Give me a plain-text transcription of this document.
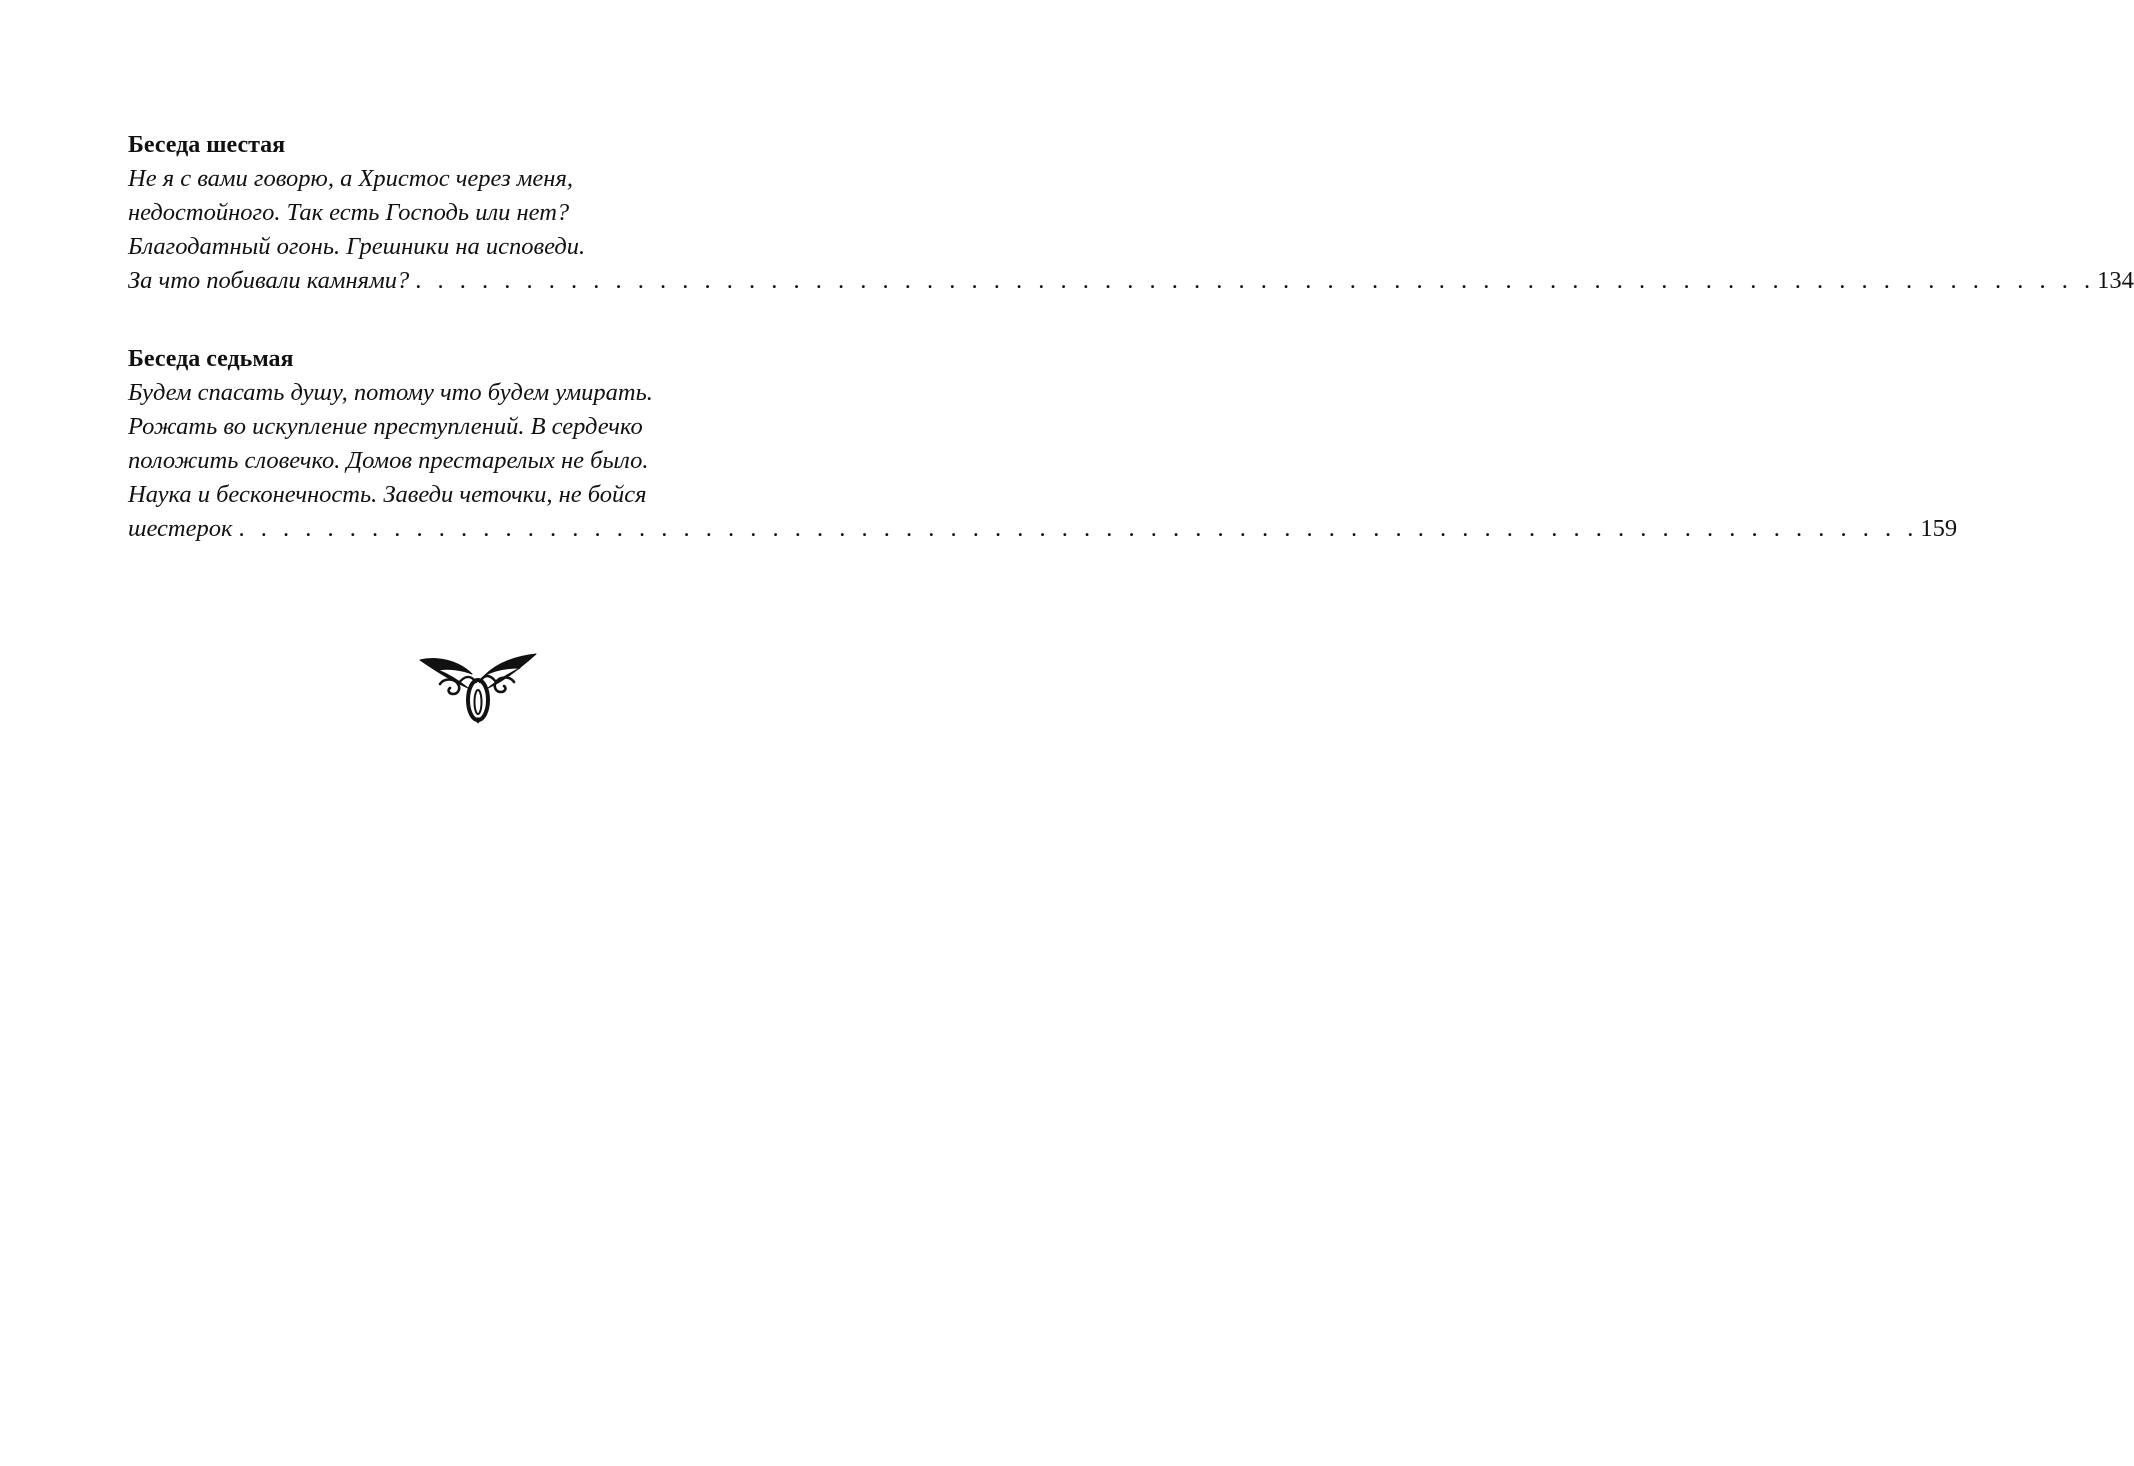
Беседа шестая
Не я с вами говорю, а Христос через меня,
недостойного. Так есть Господь или нет?
Благодатный огонь. Грешники на исповеди.
За что побивали камнями? . . . . . . . . . . . . . . . . . . . . . . . . . . . . . . . . . . . . . . . . . . . . . . . . . . . . . . . . . . . . . . . . . . . . . . . . . . . . 134
Беседа седьмая
Будем спасать душу, потому что будем умирать.
Рожать во искупление преступлений. В сердечко
положить словечко. Домов престарелых не было.
Наука и бесконечность. Заведи четочки, не бойся
шестерок . . . . . . . . . . . . . . . . . . . . . . . . . . . . . . . . . . . . . . . . . . . . . . . . . . . . . . . . . . . . . . . . . . . . . . . . . . . . 159
